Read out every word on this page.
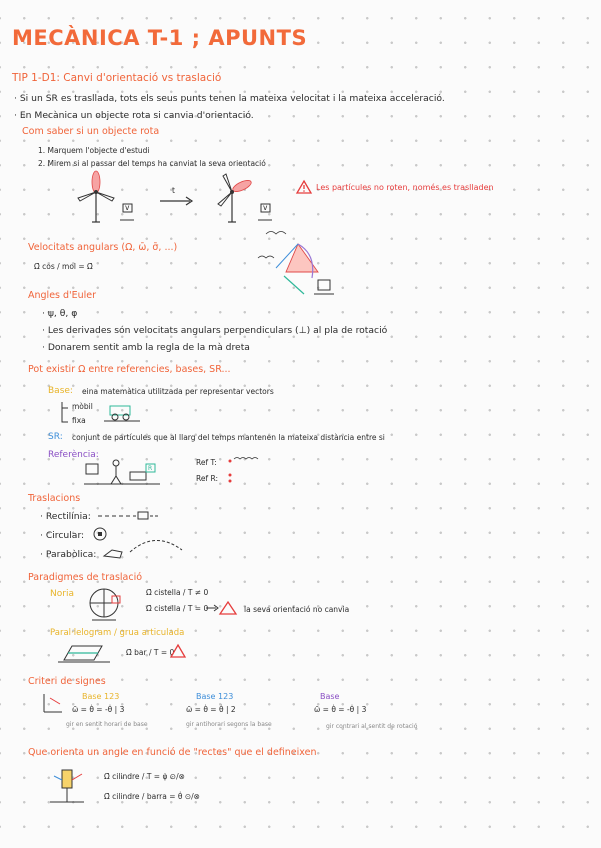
MECÀNICA T-1 ; APUNTS
TIP 1-D1: Canvi d'orientació vs traslació
· Si un SR es trasllada, tots els seus punts tenen la mateixa velocitat i la mateixa acceleració.
· En Mecànica un objecte rota si canvia d'orientació.
Com saber si un objecte rota
1. Marquem l'objecte d'estudi
2. Mirem si al passar del temps ha canviat la seva orientació
v
t
v
Les partícules no roten, només es traslladen
Velocitats angulars (Ω, ω̄, σ̄, ...)
Ω̄ cos / mol = Ω̄
Angles d'Euler
· ψ, θ, φ
· Les derivades són velocitats angulars perpendiculars (⊥) al pla de rotació
· Donarem sentit amb la regla de la mà dreta
Pot existir Ω entre referencies, bases, SR...
Base: eina matemàtica utilitzada per representar vectors
mòbil
fixa
SR: conjunt de partícules que al llarg del temps mantenen la mateixa distància entre si
Referència:
R
Ref T:
Ref R:
Traslacions
· Rectilínia:
· Circular:
· Parabòlica:
Paradigmes de traslació
Noria	Ω̄ cistella / T ≠ 0
Ω̄ cistella / T = 0	la seva orientació no canvia
Paral·lelogram / grua articulada
Ω̄ bar / T = 0
Criteri de signes
Base 123
ω̄ = θ̇ = -θ̇ | 3
gir en sentit horari de base
Base 123
ω̄ = θ̇ = θ̇ | 2
gir antihorari segons la base
Base
ω̄ = θ̇ = -θ̇ | 3
gir contrari al sentit de rotació
Que orienta un angle en funció de "rectes" que el defineixen
Ω̄ cilindre / T = φ̇ ⊙/⊗
Ω̄ cilindre / barra = θ̇ ⊙/⊗
